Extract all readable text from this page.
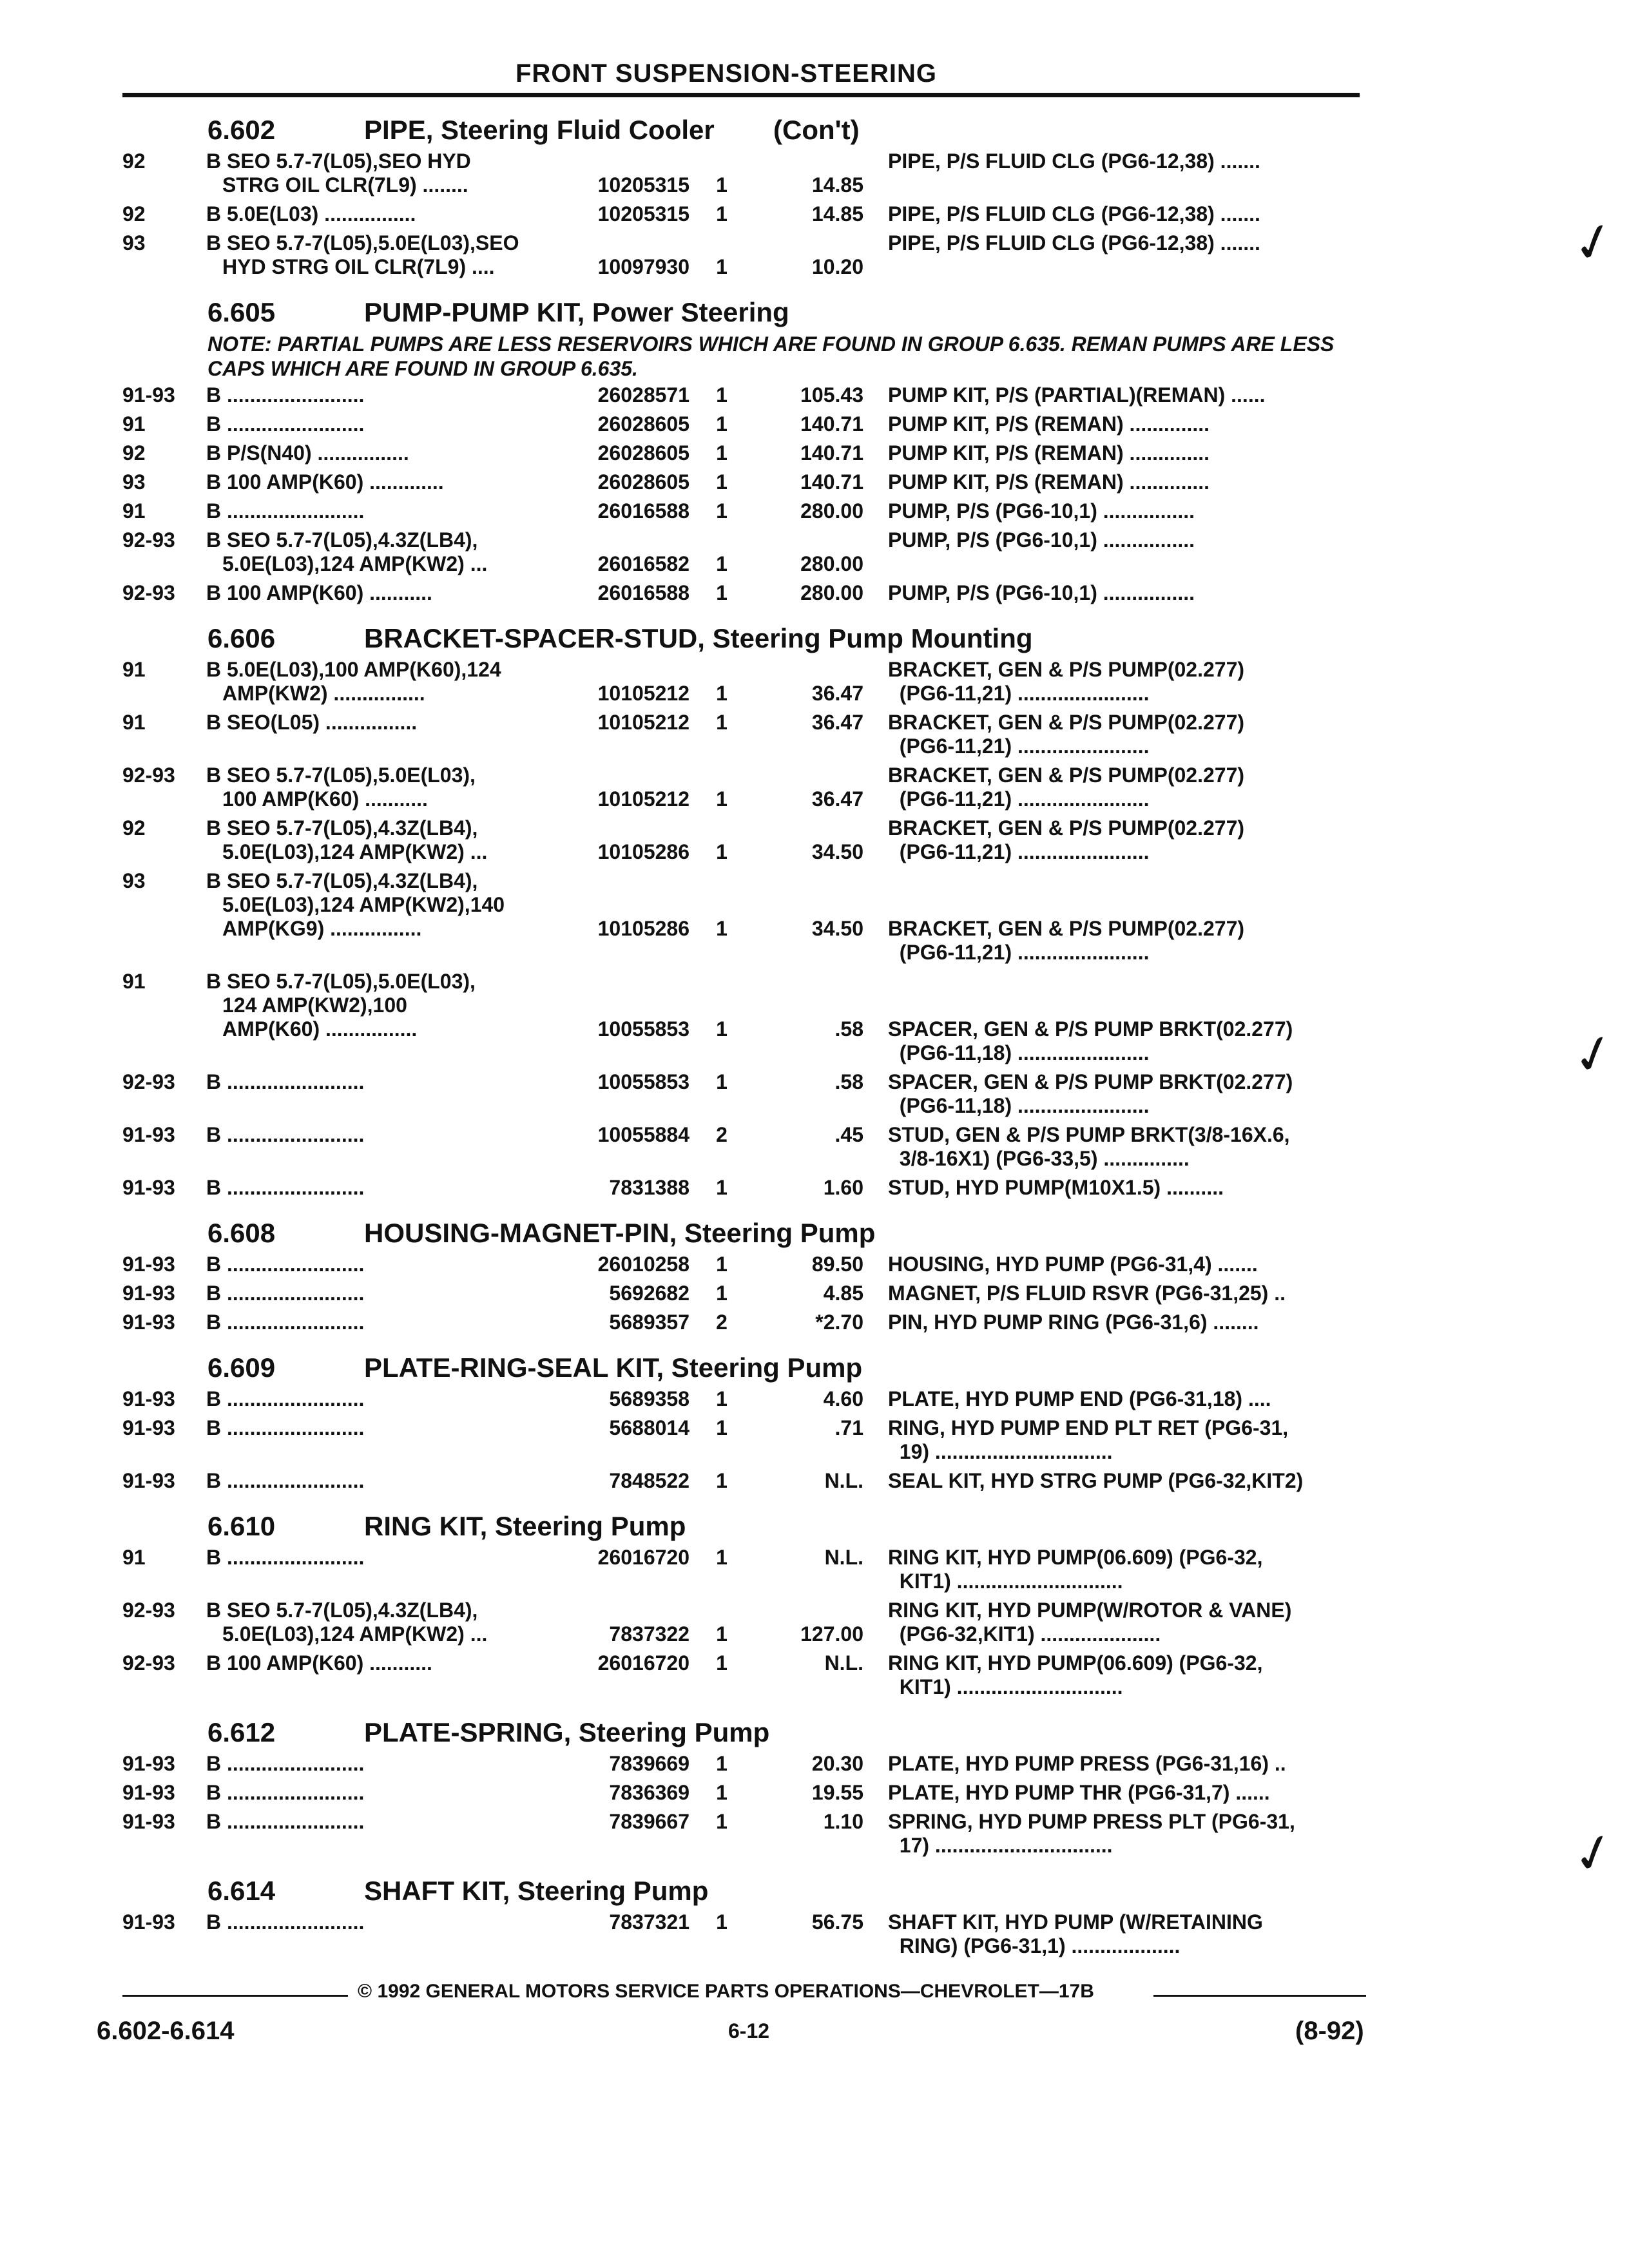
FRONT SUSPENSION-STEERING
6.602	PIPE, Steering Fluid Cooler (Con't)
92	B SEO 5.7-7(L05),SEO HYD
STRG OIL CLR(7L9) ........	10205315	1	14.85
PIPE, P/S FLUID CLG (PG6-12,38) .......
92	B 5.0E(L03) ................	10205315	1	14.85 PIPE, P/S FLUID CLG (PG6-12,38) .......
93	B SEO 5.7-7(L05),5.0E(L03),SEO
HYD STRG OIL CLR(7L9) ....	10097930	1	10.20
PIPE, P/S FLUID CLG (PG6-12,38) .......
6.605	PUMP-PUMP KIT, Power Steering
NOTE: PARTIAL PUMPS ARE LESS RESERVOIRS WHICH ARE FOUND IN GROUP 6.635. REMAN PUMPS ARE LESS CAPS WHICH ARE FOUND IN GROUP 6.635.
91-93	B ........................	26028571	1	105.43 PUMP KIT, P/S (PARTIAL)(REMAN) ......
91	B ........................	26028605	1	140.71 PUMP KIT, P/S (REMAN) ..............
92	B P/S(N40) ................	26028605	1	140.71 PUMP KIT, P/S (REMAN) ..............
93	B 100 AMP(K60) .............	26028605	1	140.71 PUMP KIT, P/S (REMAN) ..............
91	B ........................	26016588	1	280.00 PUMP, P/S (PG6-10,1) ................
92-93	B SEO 5.7-7(L05),4.3Z(LB4),
5.0E(L03),124 AMP(KW2) ...	26016582	1	280.00
PUMP, P/S (PG6-10,1) ................
92-93	B 100 AMP(K60) ...........	26016588	1	280.00 PUMP, P/S (PG6-10,1) ................
6.606	BRACKET-SPACER-STUD, Steering Pump Mounting
91	B 5.0E(L03),100 AMP(K60),124
AMP(KW2) ................	10105212	1	36.47
BRACKET, GEN & P/S PUMP(02.277)
(PG6-11,21) .......................
91	B SEO(L05) ................	10105212	1	36.47 BRACKET, GEN & P/S PUMP(02.277)
(PG6-11,21) .......................
92-93	B SEO 5.7-7(L05),5.0E(L03),
100 AMP(K60) ...........	10105212	1	36.47
BRACKET, GEN & P/S PUMP(02.277)
(PG6-11,21) .......................
92	B SEO 5.7-7(L05),4.3Z(LB4),
5.0E(L03),124 AMP(KW2) ...	10105286	1	34.50
BRACKET, GEN & P/S PUMP(02.277)
(PG6-11,21) .......................
93	B SEO 5.7-7(L05),4.3Z(LB4),
5.0E(L03),124 AMP(KW2),140
AMP(KG9) ................	10105286	1	34.50 BRACKET, GEN & P/S PUMP(02.277)
(PG6-11,21) .......................
91	B SEO 5.7-7(L05),5.0E(L03),
124 AMP(KW2),100
AMP(K60) ................	10055853	1	.58 SPACER, GEN & P/S PUMP BRKT(02.277)
(PG6-11,18) .......................
92-93	B ........................	10055853	1	.58 SPACER, GEN & P/S PUMP BRKT(02.277)
(PG6-11,18) .......................
91-93	B ........................	10055884	2	.45 STUD, GEN & P/S PUMP BRKT(3/8-16X.6,
3/8-16X1) (PG6-33,5) ...............
91-93	B ........................	7831388	1	1.60 STUD, HYD PUMP(M10X1.5) ..........
6.608	HOUSING-MAGNET-PIN, Steering Pump
91-93	B ........................	26010258	1	89.50 HOUSING, HYD PUMP (PG6-31,4) .......
91-93	B ........................	5692682	1	4.85 MAGNET, P/S FLUID RSVR (PG6-31,25) ..
91-93	B ........................	5689357	2	*2.70 PIN, HYD PUMP RING (PG6-31,6) ........
6.609	PLATE-RING-SEAL KIT, Steering Pump
91-93	B ........................	5689358	1	4.60 PLATE, HYD PUMP END (PG6-31,18) ....
91-93	B ........................	5688014	1	.71 RING, HYD PUMP END PLT RET (PG6-31,
19) ...............................
91-93	B ........................	7848522	1	N.L. SEAL KIT, HYD STRG PUMP (PG6-32,KIT2)
6.610	RING KIT, Steering Pump
91	B ........................	26016720	1	N.L. RING KIT, HYD PUMP(06.609) (PG6-32,
KIT1) .............................
92-93	B SEO 5.7-7(L05),4.3Z(LB4),
5.0E(L03),124 AMP(KW2) ...	7837322	1	127.00
RING KIT, HYD PUMP(W/ROTOR & VANE)
(PG6-32,KIT1) .....................
92-93	B 100 AMP(K60) ...........	26016720	1	N.L. RING KIT, HYD PUMP(06.609) (PG6-32,
KIT1) .............................
6.612	PLATE-SPRING, Steering Pump
91-93	B ........................	7839669	1	20.30 PLATE, HYD PUMP PRESS (PG6-31,16) ..
91-93	B ........................	7836369	1	19.55 PLATE, HYD PUMP THR (PG6-31,7) ......
91-93	B ........................	7839667	1	1.10 SPRING, HYD PUMP PRESS PLT (PG6-31,
17) ...............................
6.614	SHAFT KIT, Steering Pump
91-93	B ........................	7837321	1	56.75 SHAFT KIT, HYD PUMP (W/RETAINING
RING) (PG6-31,1) ...................
✓
✓
✓
© 1992 GENERAL MOTORS SERVICE PARTS OPERATIONS—CHEVROLET—17B
6.602-6.614	6-12	(8-92)
